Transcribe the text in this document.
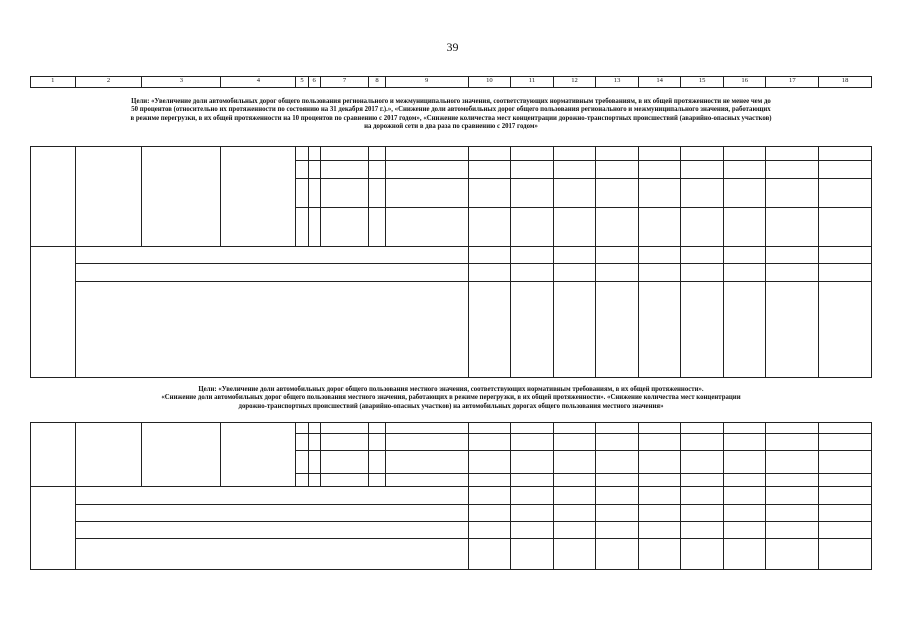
39
1	2	3	4	5	6	7	8	9	10	11	12	13	14	15	16	17	18
Цели: «Увеличение доли автомобильных дорог общего пользования регионального и межмуниципального значения, соответствующих нормативным требованиям, в их общей протяженности не менее чем до
50 процентов (относительно их протяженности по состоянию на 31 декабря 2017 г.).», «Снижение доли автомобильных дорог общего пользования регионального и межмуниципального значения, работающих
в режиме перегрузки, в их общей протяженности на 10 процентов по сравнению с 2017 годом», «Снижение количества мест концентрации дорожно-транспортных происшествий (аварийно-опасных участков)
на дорожной сети в два раза по сравнению с 2017 годом»

Цели: «Увеличение доли автомобильных дорог общего пользования местного значения, соответствующих нормативным требованиям, в их общей протяженности».
«Снижение доли автомобильных дорог общего пользования местного значения, работающих в режиме перегрузки, в их общей протяженности». «Снижение количества мест концентрации
дорожно-транспортных происшествий (аварийно-опасных участков) на автомобильных дорогах общего пользования местного значения»
